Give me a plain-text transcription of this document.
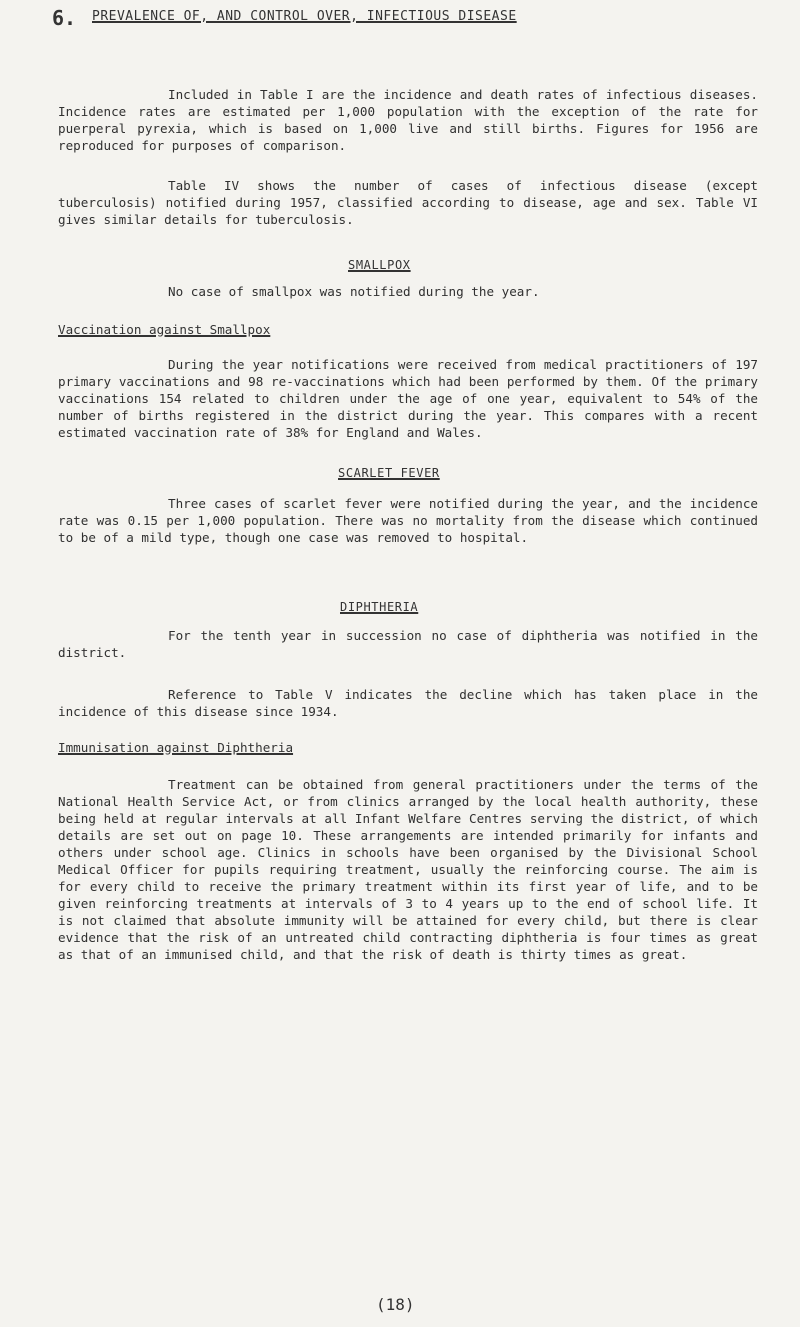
6. PREVALENCE OF, AND CONTROL OVER, INFECTIOUS DISEASE
Included in Table I are the incidence and death rates of infectious diseases. Incidence rates are estimated per 1,000 population with the exception of the rate for puerperal pyrexia, which is based on 1,000 live and still births. Figures for 1956 are reproduced for purposes of comparison.
Table IV shows the number of cases of infectious disease (except tuberculosis) notified during 1957, classified according to disease, age and sex. Table VI gives similar details for tuberculosis.
SMALLPOX
No case of smallpox was notified during the year.
Vaccination against Smallpox
During the year notifications were received from medical practitioners of 197 primary vaccinations and 98 re-vaccinations which had been performed by them. Of the primary vaccinations 154 related to children under the age of one year, equivalent to 54% of the number of births registered in the district during the year. This compares with a recent estimated vaccination rate of 38% for England and Wales.
SCARLET FEVER
Three cases of scarlet fever were notified during the year, and the incidence rate was 0.15 per 1,000 population. There was no mortality from the disease which continued to be of a mild type, though one case was removed to hospital.
DIPHTHERIA
For the tenth year in succession no case of diphtheria was notified in the district.
Reference to Table V indicates the decline which has taken place in the incidence of this disease since 1934.
Immunisation against Diphtheria
Treatment can be obtained from general practitioners under the terms of the National Health Service Act, or from clinics arranged by the local health authority, these being held at regular intervals at all Infant Welfare Centres serving the district, of which details are set out on page 10. These arrangements are intended primarily for infants and others under school age. Clinics in schools have been organised by the Divisional School Medical Officer for pupils requiring treatment, usually the reinforcing course. The aim is for every child to receive the primary treatment within its first year of life, and to be given reinforcing treatments at intervals of 3 to 4 years up to the end of school life. It is not claimed that absolute immunity will be attained for every child, but there is clear evidence that the risk of an untreated child contracting diphtheria is four times as great as that of an immunised child, and that the risk of death is thirty times as great.
(18)
